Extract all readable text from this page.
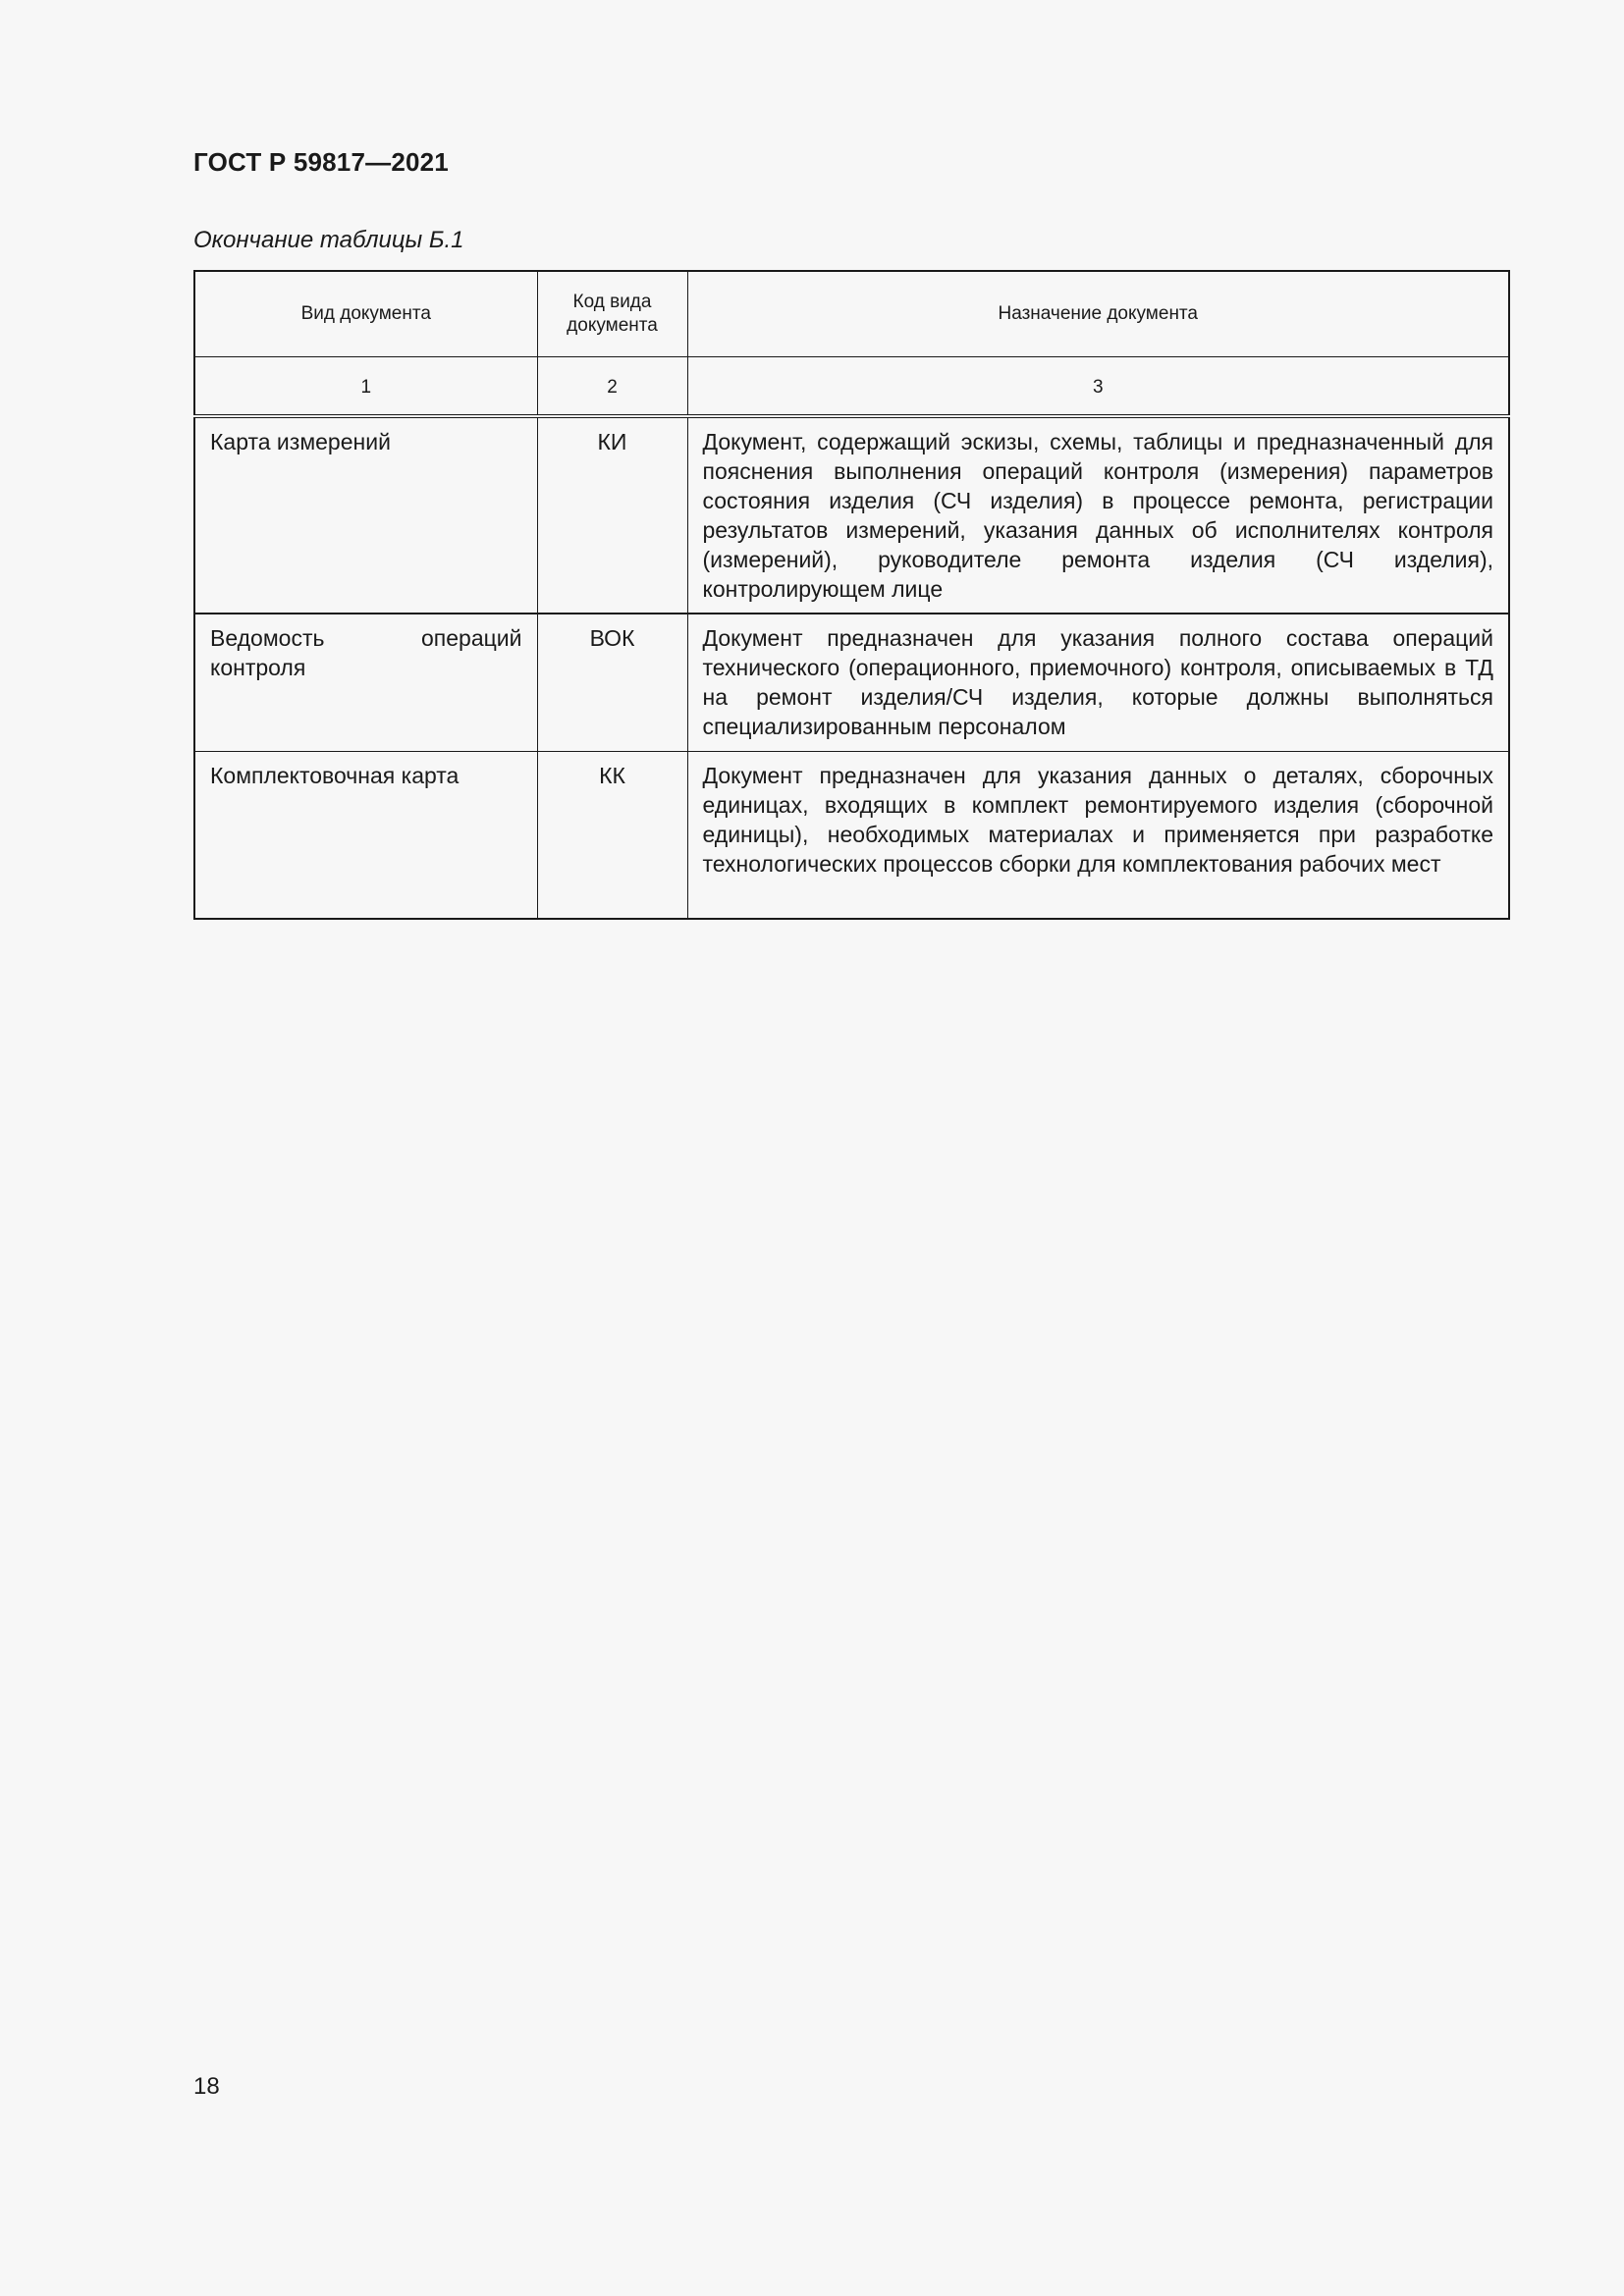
ГОСТ Р 59817—2021

Окончание таблицы Б.1

Вид документа	Код вида документа	Назначение документа
1	2	3
Карта измерений	КИ	Документ, содержащий эскизы, схемы, таблицы и предназначенный для пояснения выполнения операций контроля (измерения) параметров состояния изделия (СЧ изделия) в процессе ремонта, регистрации результатов измерений, указания данных об исполнителях контроля (измерений), руководителе ремонта изделия (СЧ изделия), контролирующем лице
Ведомость операций контроля	ВОК	Документ предназначен для указания полного состава операций технического (операционного, приемочного) контроля, описываемых в ТД на ремонт изделия/СЧ изделия, которые должны выполняться специализированным персоналом
Комплектовочная карта	КК	Документ предназначен для указания данных о деталях, сборочных единицах, входящих в комплект ремонтируемого изделия (сборочной единицы), необходимых материалах и применяется при разработке технологических процессов сборки для комплектования рабочих мест

18
